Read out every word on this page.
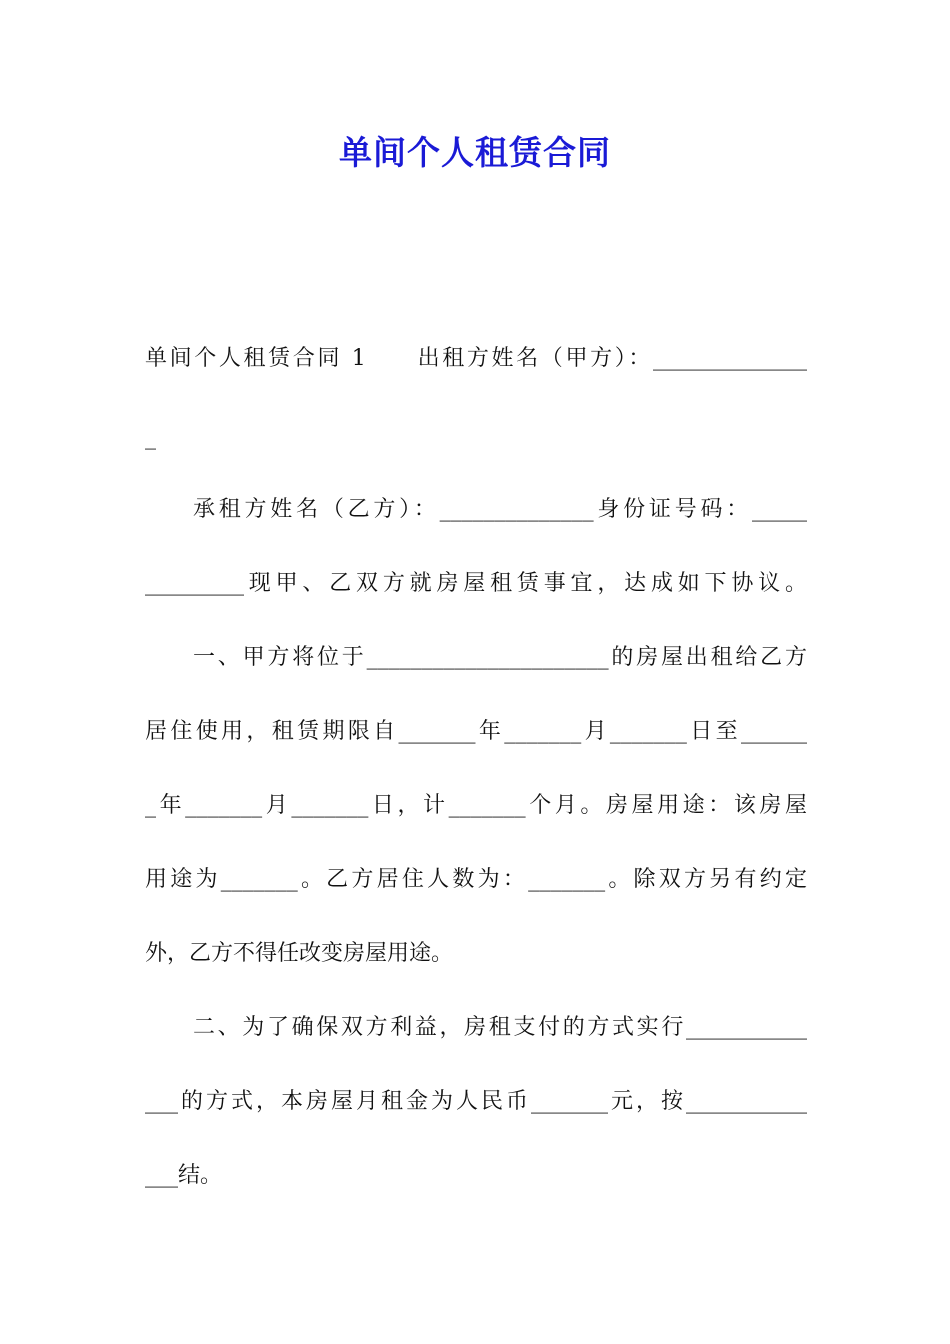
单间个人租赁合同
单间个人租赁合同 1　　出租方姓名（甲方）：______________
_
承租方姓名（乙方）：______________身份证号码：_____
_________现甲、乙双方就房屋租赁事宜，达成如下协议。
一、甲方将位于______________________的房屋出租给乙方
居住使用，租赁期限自_______年_______月_______日至______
_年_______月_______日，计_______个月。房屋用途：该房屋
用途为_______。乙方居住人数为：_______。除双方另有约定
外，乙方不得任改变房屋用途。
二、为了确保双方利益，房租支付的方式实行___________
___的方式，本房屋月租金为人民币_______元，按___________
___结。
